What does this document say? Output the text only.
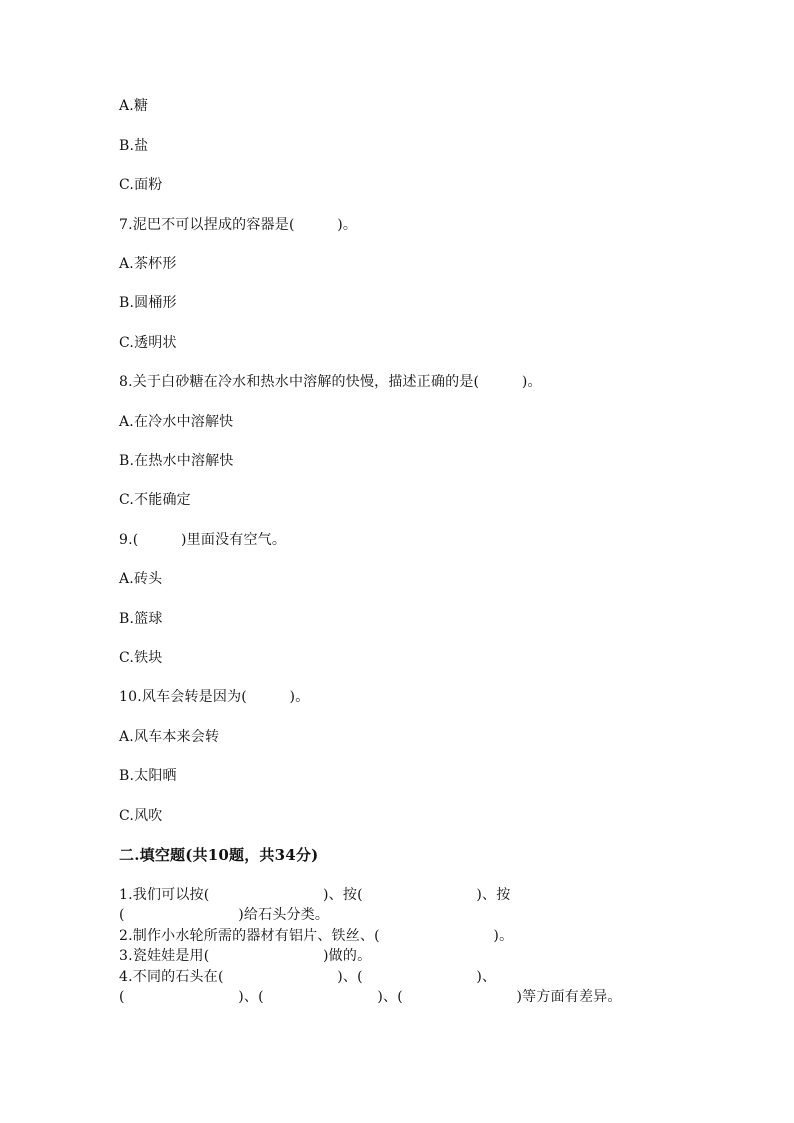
A.糖
B.盐
C.面粉
7.泥巴不可以捏成的容器是(　　　)。
A.茶杯形
B.圆桶形
C.透明状
8.关于白砂糖在冷水和热水中溶解的快慢，描述正确的是(　　　)。
A.在冷水中溶解快
B.在热水中溶解快
C.不能确定
9.(　　　)里面没有空气。
A.砖头
B.篮球
C.铁块
10.风车会转是因为(　　　)。
A.风车本来会转
B.太阳晒
C.风吹
二.填空题(共10题，共34分)
1.我们可以按(　　　　　　　　)、按(　　　　　　　　)、按
(　　　　　　　　)给石头分类。
2.制作小水轮所需的器材有铝片、铁丝、(　　　　　　　　)。
3.瓷娃娃是用(　　　　　　　　)做的。
4.不同的石头在(　　　　　　　　)、(　　　　　　　　)、
(　　　　　　　　)、(　　　　　　　　)、(　　　　　　　　)等方面有差异。
